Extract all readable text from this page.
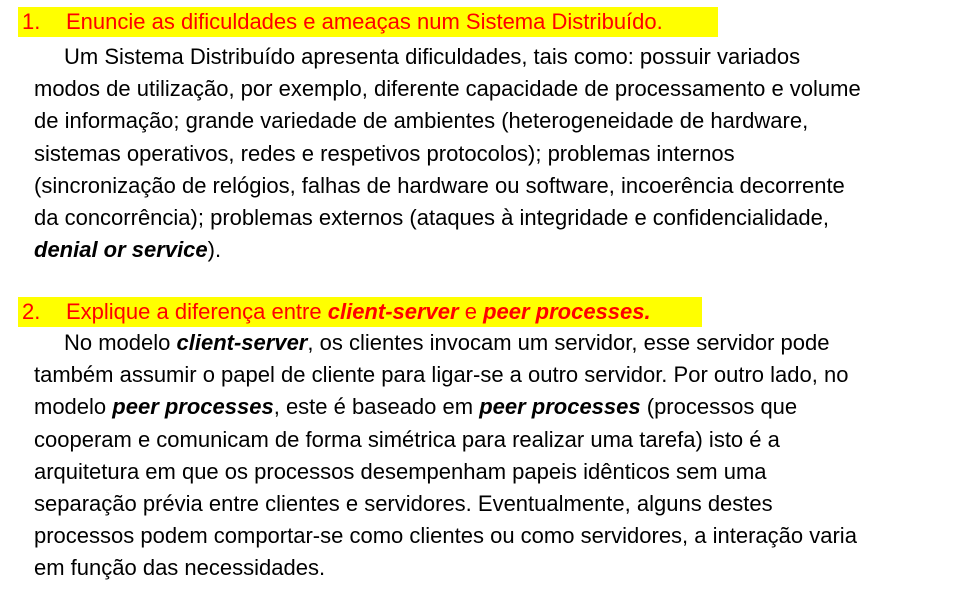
1. Enuncie as dificuldades e ameaças num Sistema Distribuído.
Um Sistema Distribuído apresenta dificuldades, tais como: possuir variados
modos de utilização, por exemplo, diferente capacidade de processamento e volume
de informação; grande variedade de ambientes (heterogeneidade de hardware,
sistemas operativos, redes e respetivos protocolos); problemas internos
(sincronização de relógios, falhas de hardware ou software, incoerência decorrente
da concorrência); problemas externos (ataques à integridade e confidencialidade,
denial or service).
2. Explique a diferença entre client-server e peer processes.
No modelo client-server, os clientes invocam um servidor, esse servidor pode
também assumir o papel de cliente para ligar-se a outro servidor. Por outro lado, no
modelo peer processes, este é baseado em peer processes (processos que
cooperam e comunicam de forma simétrica para realizar uma tarefa) isto é a
arquitetura em que os processos desempenham papeis idênticos sem uma
separação prévia entre clientes e servidores. Eventualmente, alguns destes
processos podem comportar-se como clientes ou como servidores, a interação varia
em função das necessidades.
